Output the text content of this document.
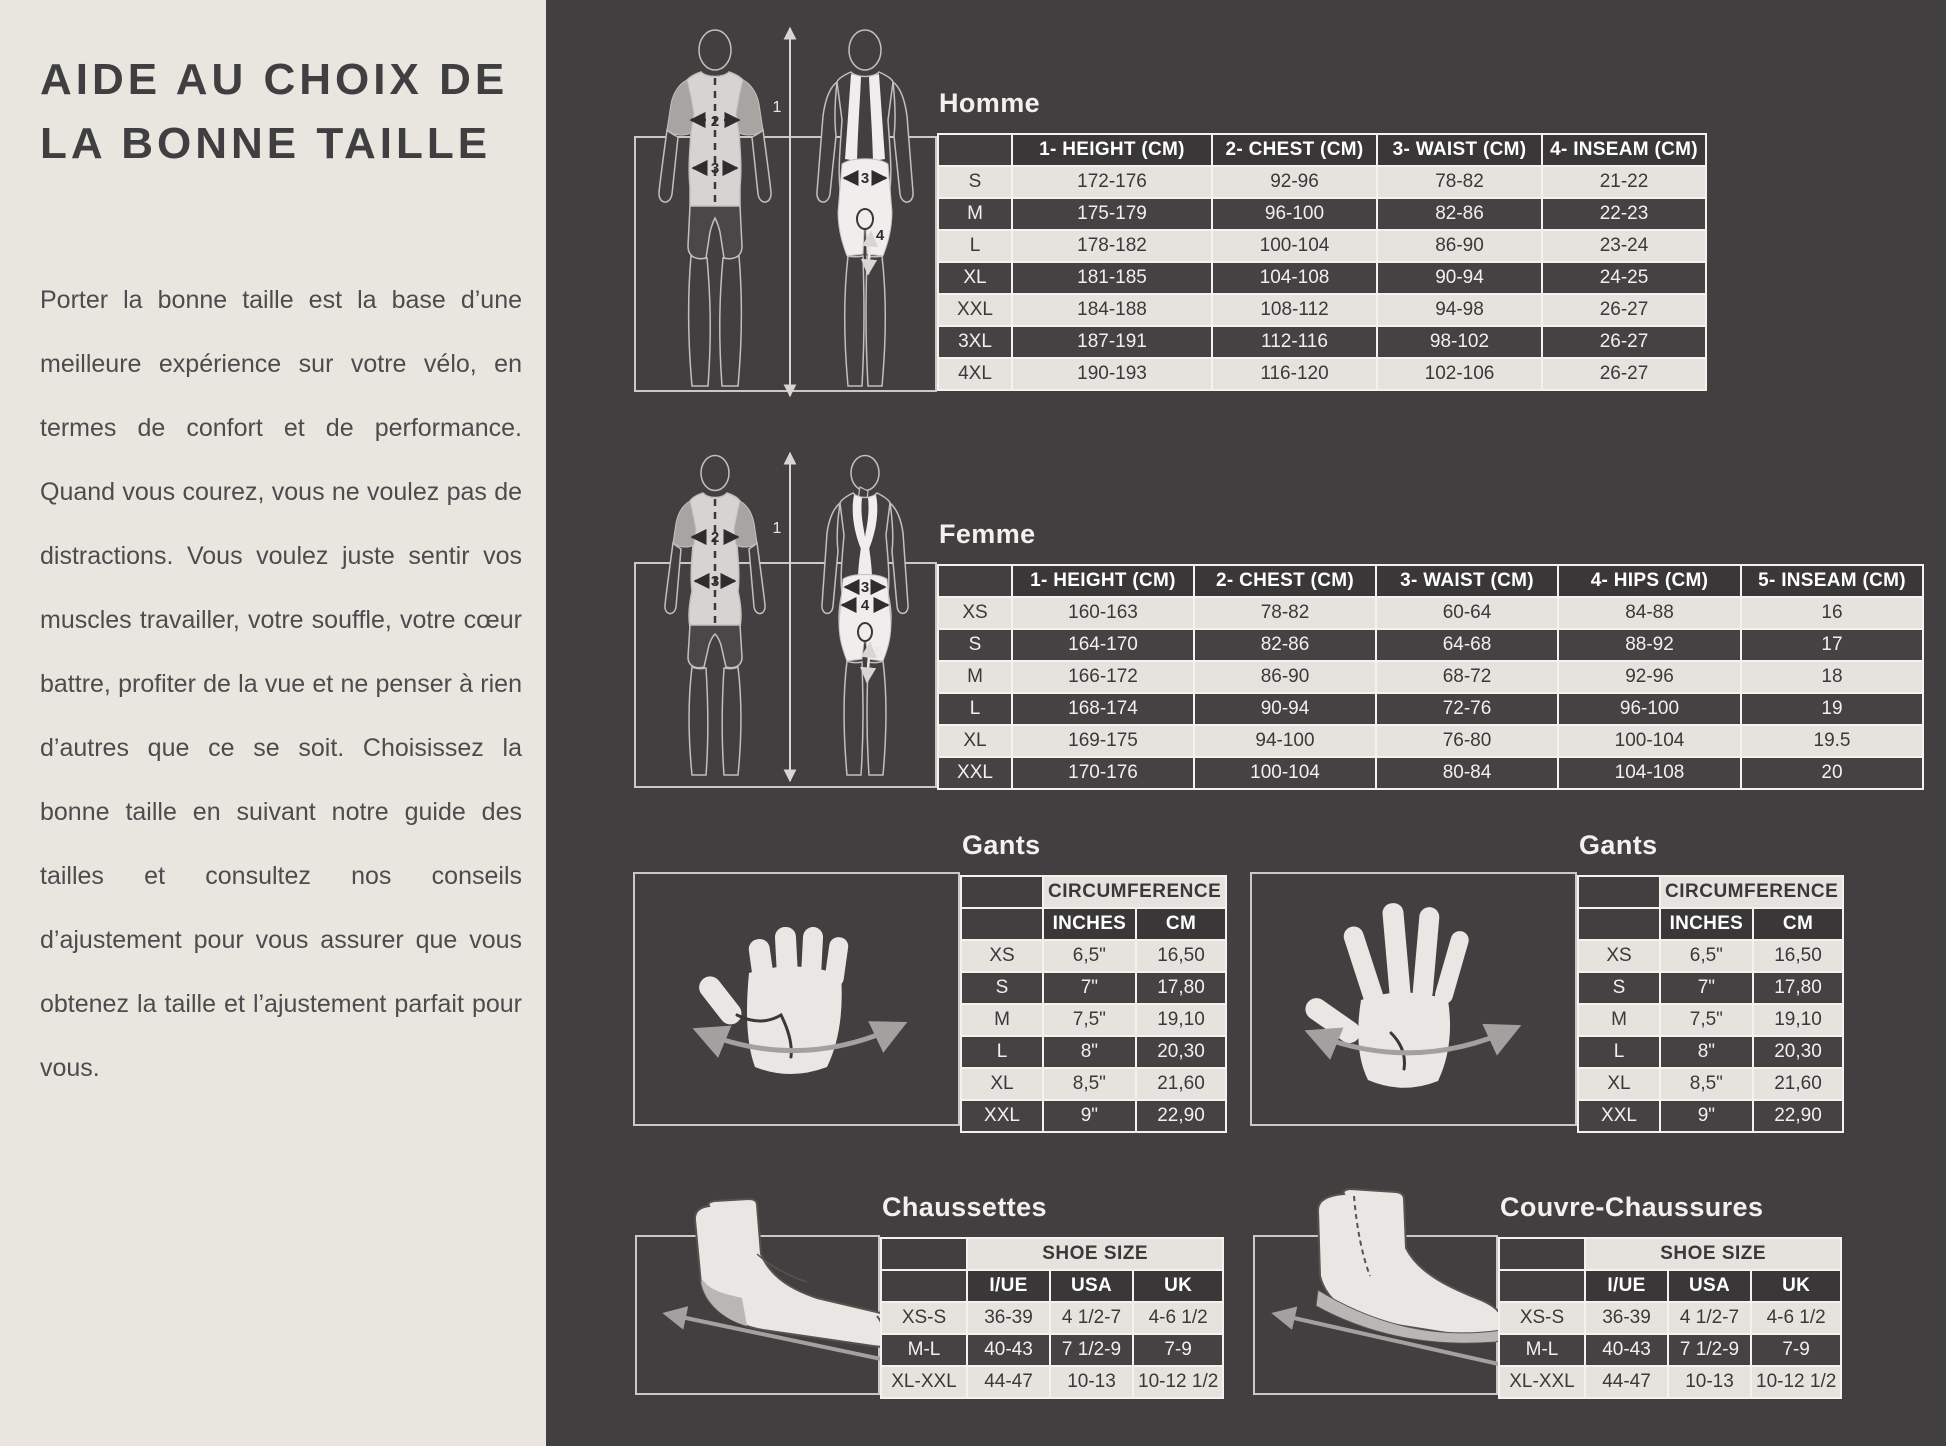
AIDE AU CHOIX DE LA BONNE TAILLE

Porter la bonne taille est la base d’une meilleure expérience sur votre vélo, en termes de confort et de performance. Quand vous courez, vous ne voulez pas de distractions. Vous voulez juste sentir vos muscles travailler, votre souffle, votre cœur battre, profiter de la vue et ne penser à rien d’autres que ce se soit. Choisissez la bonne taille en suivant notre guide des tailles et consultez nos conseils d’ajustement pour vous assurer que vous obtenez la taille et l’ajustement parfait pour vous.

2
3
1
3
4
2
3
1
3
4
5
Homme
	1- HEIGHT (CM)	2- CHEST (CM)	3- WAIST (CM)	4- INSEAM (CM)
S	172-176	92-96	78-82	21-22
M	175-179	96-100	82-86	22-23
L	178-182	100-104	86-90	23-24
XL	181-185	104-108	90-94	24-25
XXL	184-188	108-112	94-98	26-27
3XL	187-191	112-116	98-102	26-27
4XL	190-193	116-120	102-106	26-27
Femme
	1- HEIGHT (CM)	2- CHEST (CM)	3- WAIST (CM)	4- HIPS (CM)	5- INSEAM (CM)
XS	160-163	78-82	60-64	84-88	16
S	164-170	82-86	64-68	88-92	17
M	166-172	86-90	68-72	92-96	18
L	168-174	90-94	72-76	96-100	19
XL	169-175	94-100	76-80	100-104	19.5
XXL	170-176	100-104	80-84	104-108	20
Gants
	CIRCUMFERENCE	
	INCHES	CM
XS	6,5"	16,50
S	7"	17,80
M	7,5"	19,10
L	8"	20,30
XL	8,5"	21,60
XXL	9"	22,90
Gants
	CIRCUMFERENCE	
	INCHES	CM
XS	6,5"	16,50
S	7"	17,80
M	7,5"	19,10
L	8"	20,30
XL	8,5"	21,60
XXL	9"	22,90
Chaussettes
	SHOE SIZE		
	I/UE	USA	UK
XS-S	36-39	4 1/2-7	4-6 1/2
M-L	40-43	7 1/2-9	7-9
XL-XXL	44-47	10-13	10-12 1/2
Couvre-Chaussures
	SHOE SIZE		
	I/UE	USA	UK
XS-S	36-39	4 1/2-7	4-6 1/2
M-L	40-43	7 1/2-9	7-9
XL-XXL	44-47	10-13	10-12 1/2
